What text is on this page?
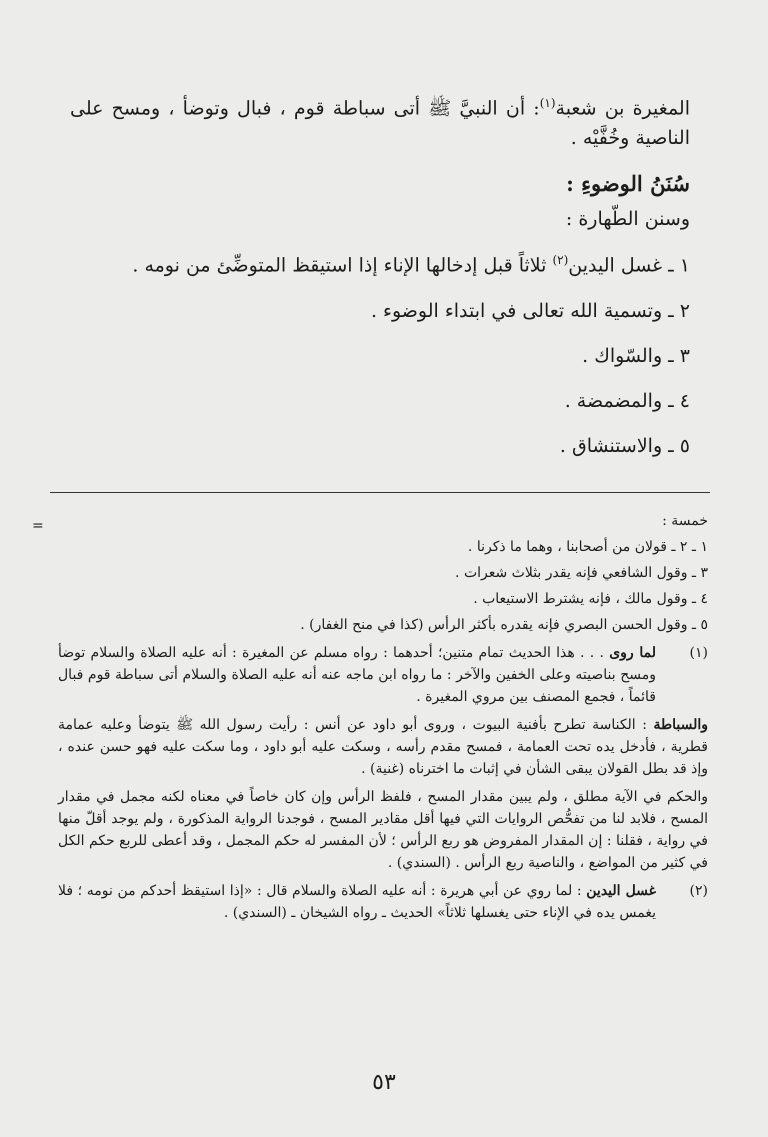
المغيرة بن شعبة$^{(١)}$: أن النبيَّ ﷺ أتى سباطة قوم ، فبال وتوضأ ، ومسح على الناصية وخُفَّيْه .

سُنَنُ الوضوءِ :

وسنن الطّهارة :

١ ـ غسل اليدين$^{(٢)}$ ثلاثاً قبل إدخالها الإناء إذا استيقظ المتوضِّئ من نومه .

٢ ـ وتسمية الله تعالى في ابتداء الوضوء .

٣ ـ والسّواك .

٤ ـ والمضمضة .

٥ ـ والاستنشاق .

=	خمسة :

١ ـ ٢ ـ قولان من أصحابنا ، وهما ما ذكرنا .

٣ ـ وقول الشافعي فإنه يقدر بثلاث شعرات .

٤ ـ وقول مالك ، فإنه يشترط الاستيعاب .

٥ ـ وقول الحسن البصري فإنه يقدره بأكثر الرأس (كذا في منح الغفار) .

(١)
لما روى . . . هذا الحديث تمام متنين؛ أحدهما : رواه مسلم عن المغيرة : أنه عليه الصلاة والسلام توضأ ومسح بناصيته وعلى الخفين والآخر : ما رواه ابن ماجه عنه أنه عليه الصلاة والسلام أتى سباطة قوم فبال قائماً ، فجمع المصنف بين مروي المغيرة .

والسباطة : الكناسة تطرح بأفنية البيوت ، وروى أبو داود عن أنس : رأيت رسول الله ﷺ يتوضأ وعليه عمامة قطرية ، فأدخل يده تحت العمامة ، فمسح مقدم رأسه ، وسكت عليه أبو داود ، وما سكت عليه فهو حسن عنده ، وإذ قد بطل القولان يبقى الشأن في إثبات ما اخترناه (غنية) .

والحكم في الآية مطلق ، ولم يبين مقدار المسح ، فلفظ الرأس وإن كان خاصاً في معناه لكنه مجمل في مقدار المسح ، فلابد لنا من تفحُّص الروايات التي فيها أقل مقادير المسح ، فوجدنا الرواية المذكورة ، ولم يوجد أقلّ منها في رواية ، فقلنا : إن المقدار المفروض هو ربع الرأس ؛ لأن المفسر له حكم المجمل ، وقد أعطى للربع حكم الكل في كثير من المواضع ، والناصية ربع الرأس . (السندي) .

(٢)
غسل اليدين : لما روي عن أبي هريرة : أنه عليه الصلاة والسلام قال : «إذا استيقظ أحدكم من نومه ؛ فلا يغمس يده في الإناء حتى يغسلها ثلاثاً» الحديث ـ رواه الشيخان ـ (السندي) .
٥٣
